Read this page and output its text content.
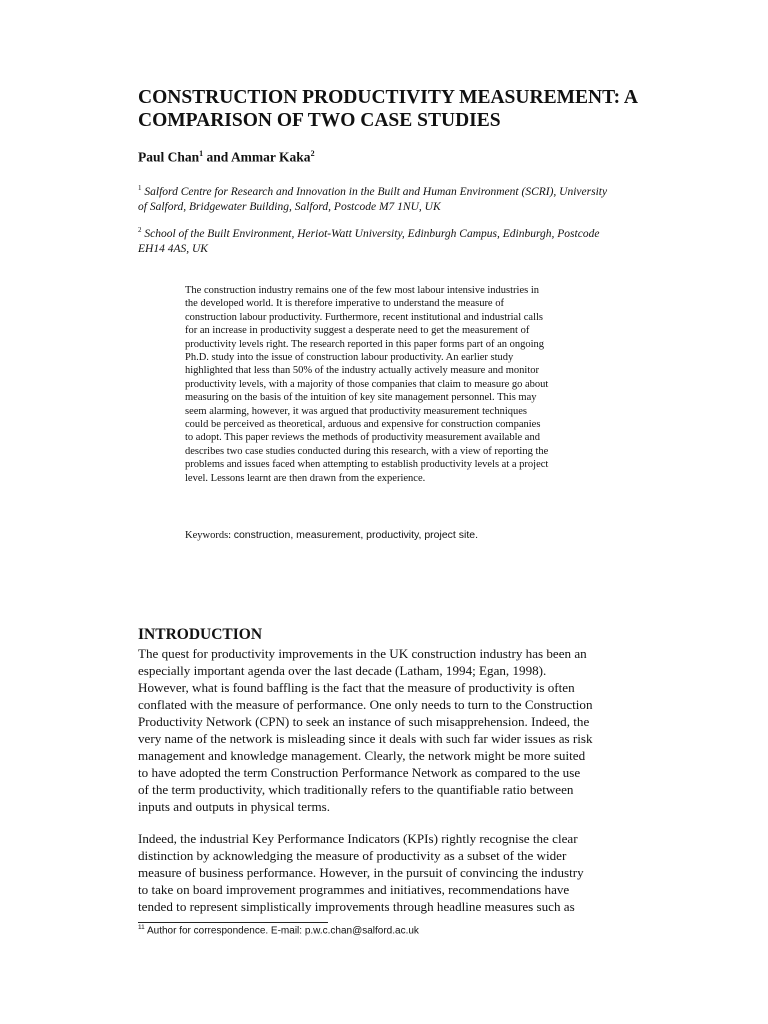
CONSTRUCTION PRODUCTIVITY MEASUREMENT: A
COMPARISON OF TWO CASE STUDIES
Paul Chan$^1$ and Ammar Kaka$^2$
$^1$ Salford Centre for Research and Innovation in the Built and Human Environment (SCRI), University
of Salford, Bridgewater Building, Salford, Postcode M7 1NU, UK
$^2$ School of the Built Environment, Heriot-Watt University, Edinburgh Campus, Edinburgh, Postcode
EH14 4AS, UK
The construction industry remains one of the few most labour intensive industries in
the developed world. It is therefore imperative to understand the measure of
construction labour productivity. Furthermore, recent institutional and industrial calls
for an increase in productivity suggest a desperate need to get the measurement of
productivity levels right. The research reported in this paper forms part of an ongoing
Ph.D. study into the issue of construction labour productivity. An earlier study
highlighted that less than 50% of the industry actually actively measure and monitor
productivity levels, with a majority of those companies that claim to measure go about
measuring on the basis of the intuition of key site management personnel. This may
seem alarming, however, it was argued that productivity measurement techniques
could be perceived as theoretical, arduous and expensive for construction companies
to adopt. This paper reviews the methods of productivity measurement available and
describes two case studies conducted during this research, with a view of reporting the
problems and issues faced when attempting to establish productivity levels at a project
level. Lessons learnt are then drawn from the experience.
Keywords: construction, measurement, productivity, project site.
INTRODUCTION
The quest for productivity improvements in the UK construction industry has been an
especially important agenda over the last decade (Latham, 1994; Egan, 1998).
However, what is found baffling is the fact that the measure of productivity is often
conflated with the measure of performance. One only needs to turn to the Construction
Productivity Network (CPN) to seek an instance of such misapprehension. Indeed, the
very name of the network is misleading since it deals with such far wider issues as risk
management and knowledge management. Clearly, the network might be more suited
to have adopted the term Construction Performance Network as compared to the use
of the term productivity, which traditionally refers to the quantifiable ratio between
inputs and outputs in physical terms.
Indeed, the industrial Key Performance Indicators (KPIs) rightly recognise the clear
distinction by acknowledging the measure of productivity as a subset of the wider
measure of business performance. However, in the pursuit of convincing the industry
to take on board improvement programmes and initiatives, recommendations have
tended to represent simplistically improvements through headline measures such as
$^{11}$ Author for correspondence. E-mail: p.w.c.chan@salford.ac.uk
